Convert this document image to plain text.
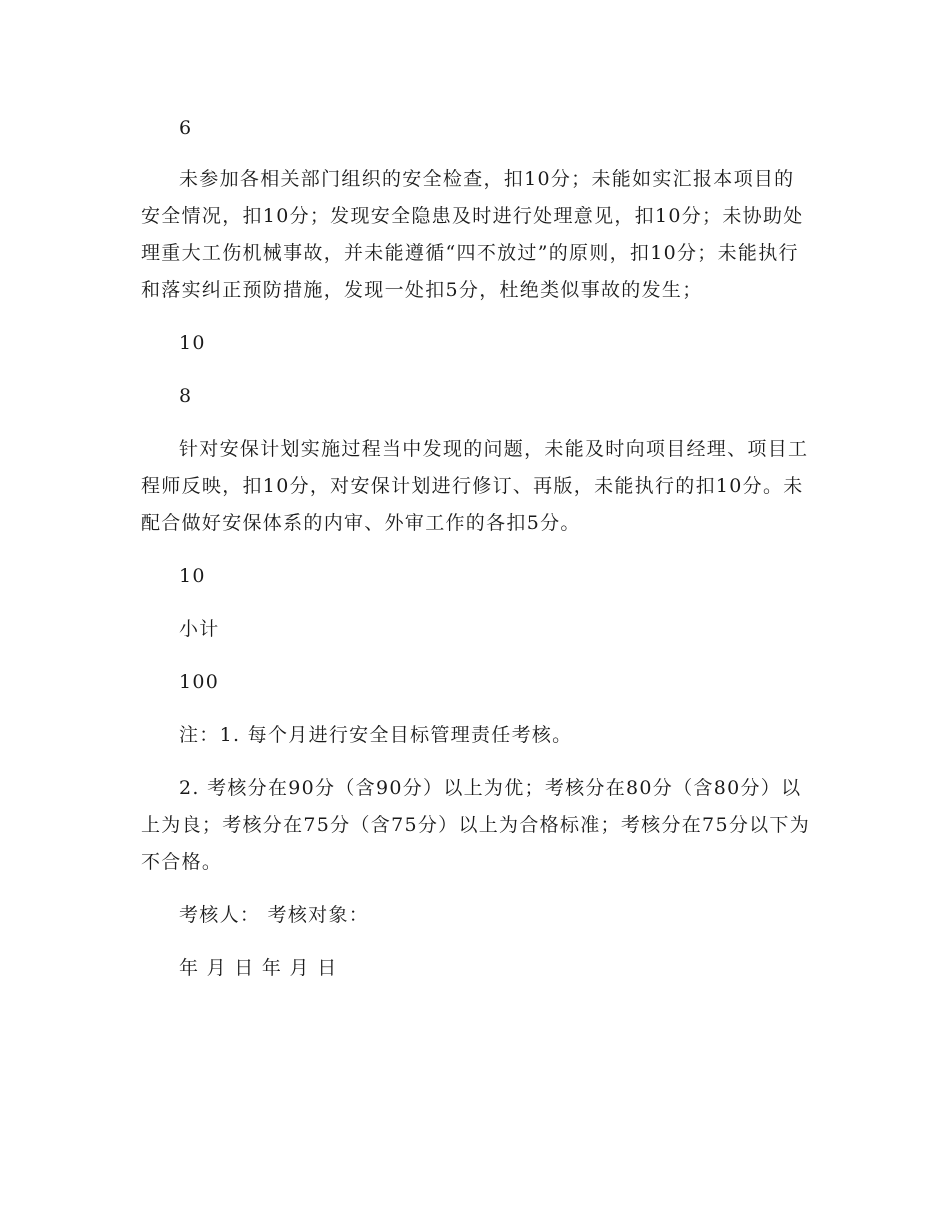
6

未参加各相关部门组织的安全检查，扣10分；未能如实汇报本项目的安全情况，扣10分；发现安全隐患及时进行处理意见，扣10分；未协助处理重大工伤机械事故，并未能遵循“四不放过”的原则，扣10分；未能执行和落实纠正预防措施，发现一处扣5分，杜绝类似事故的发生；

10

8

针对安保计划实施过程当中发现的问题，未能及时向项目经理、项目工程师反映，扣10分，对安保计划进行修订、再版，未能执行的扣10分。未配合做好安保体系的内审、外审工作的各扣5分。

10

小计

100

注：1. 每个月进行安全目标管理责任考核。

2. 考核分在90分（含90分）以上为优；考核分在80分（含80分）以上为良；考核分在75分（含75分）以上为合格标准；考核分在75分以下为不合格。

考核人： 考核对象：

年 月 日 年 月 日
